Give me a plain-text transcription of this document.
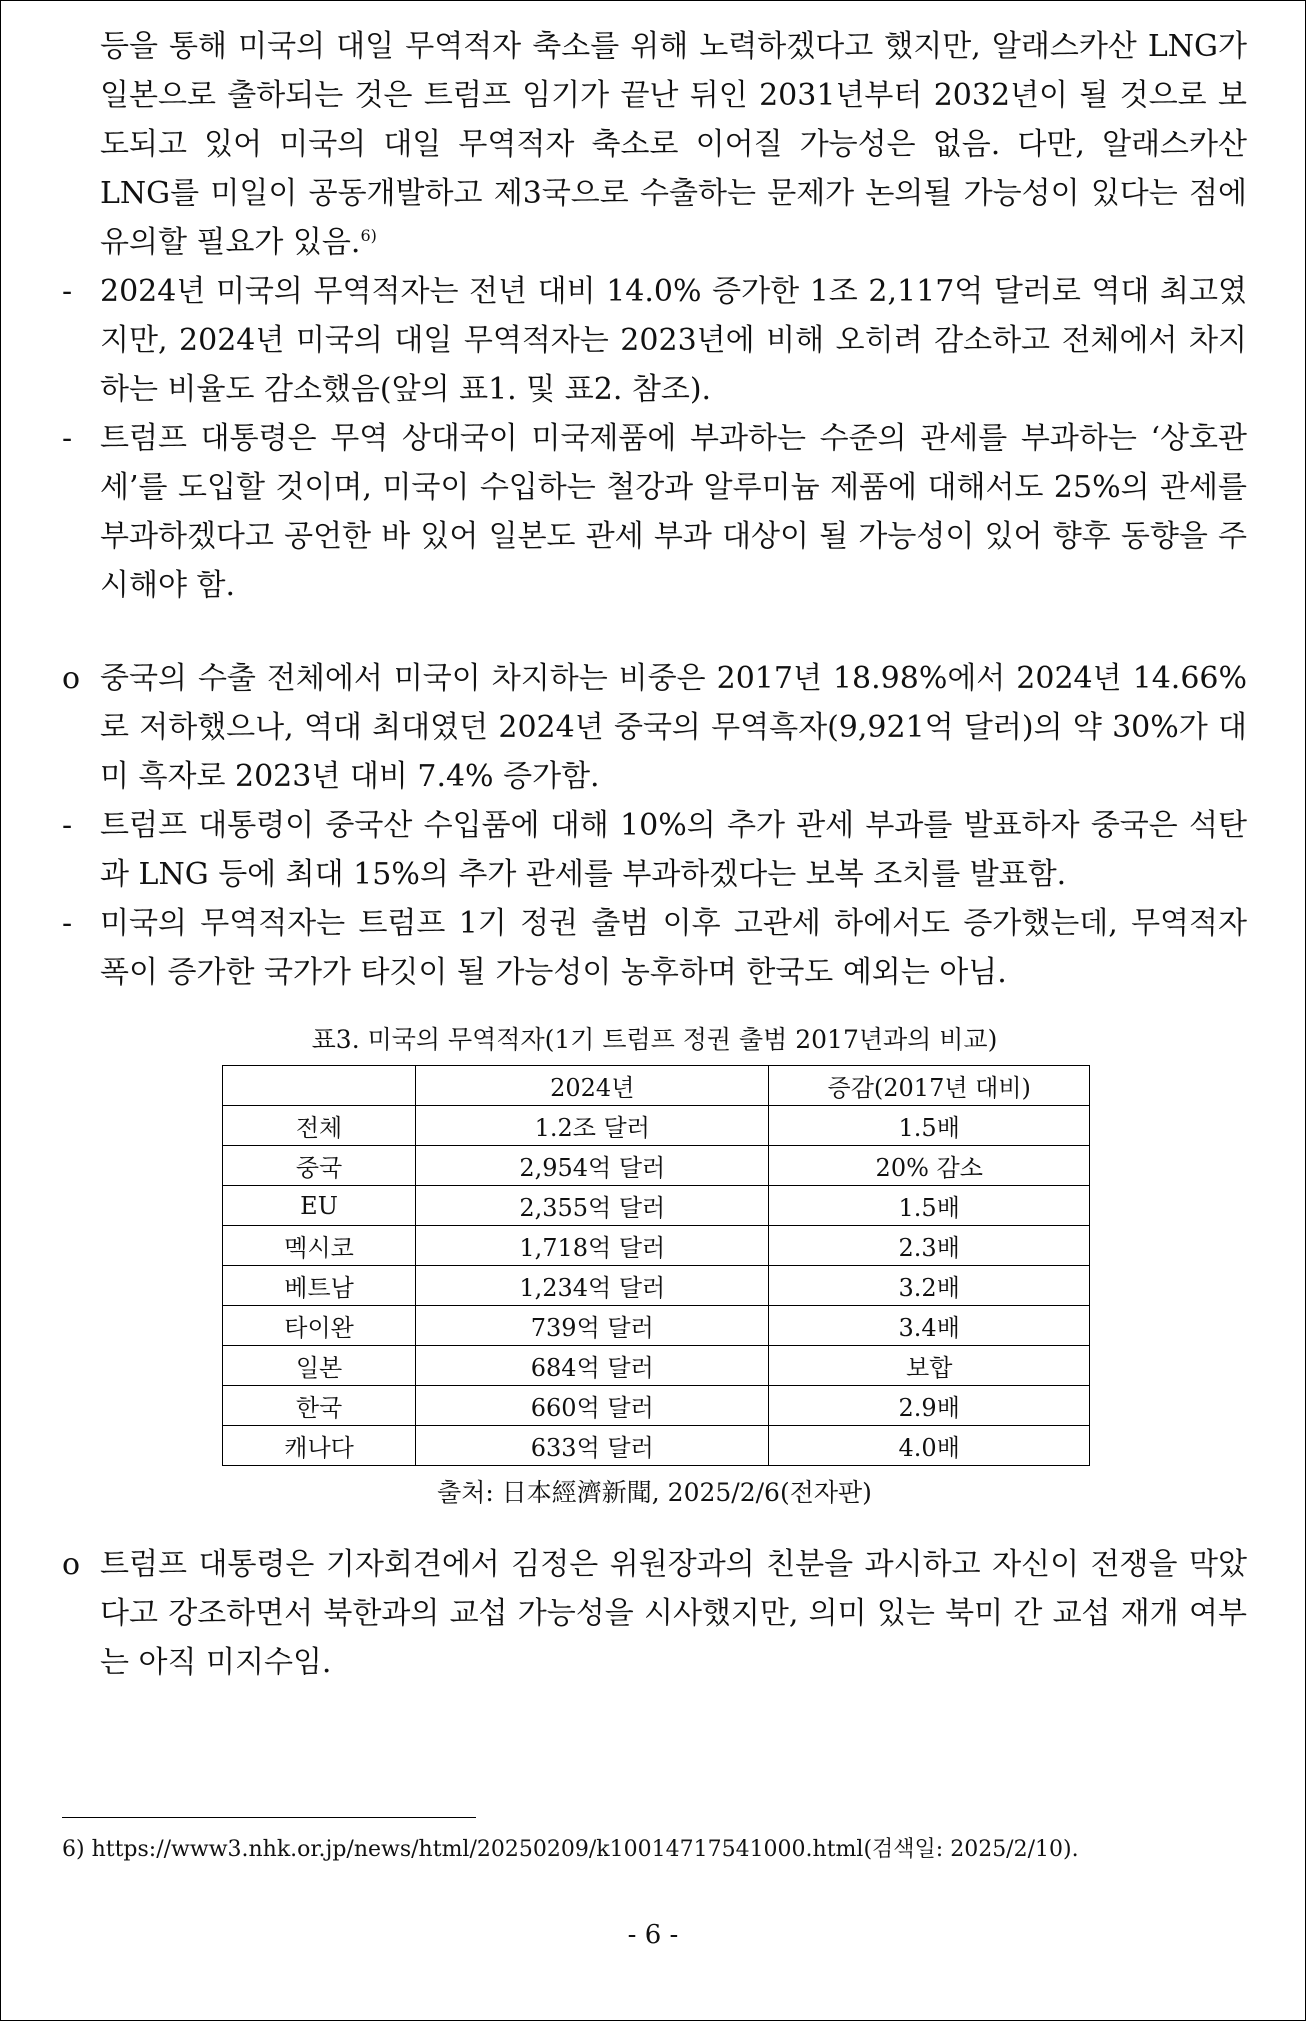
등을 통해 미국의 대일 무역적자 축소를 위해 노력하겠다고 했지만, 알래스카산 LNG가 일본으로 출하되는 것은 트럼프 임기가 끝난 뒤인 2031년부터 2032년이 될 것으로 보도되고 있어 미국의 대일 무역적자 축소로 이어질 가능성은 없음. 다만, 알래스카산 LNG를 미일이 공동개발하고 제3국으로 수출하는 문제가 논의될 가능성이 있다는 점에 유의할 필요가 있음.$^{6)}$

- 2024년 미국의 무역적자는 전년 대비 14.0% 증가한 1조 2,117억 달러로 역대 최고였지만, 2024년 미국의 대일 무역적자는 2023년에 비해 오히려 감소하고 전체에서 차지하는 비율도 감소했음(앞의 표1. 및 표2. 참조).
- 트럼프 대통령은 무역 상대국이 미국제품에 부과하는 수준의 관세를 부과하는 ‘상호관세’를 도입할 것이며, 미국이 수입하는 철강과 알루미늄 제품에 대해서도 25%의 관세를 부과하겠다고 공언한 바 있어 일본도 관세 부과 대상이 될 가능성이 있어 향후 동향을 주시해야 함.
o 중국의 수출 전체에서 미국이 차지하는 비중은 2017년 18.98%에서 2024년 14.66%로 저하했으나, 역대 최대였던 2024년 중국의 무역흑자(9,921억 달러)의 약 30%가 대미 흑자로 2023년 대비 7.4% 증가함.
- 트럼프 대통령이 중국산 수입품에 대해 10%의 추가 관세 부과를 발표하자 중국은 석탄과 LNG 등에 최대 15%의 추가 관세를 부과하겠다는 보복 조치를 발표함.
- 미국의 무역적자는 트럼프 1기 정권 출범 이후 고관세 하에서도 증가했는데, 무역적자 폭이 증가한 국가가 타깃이 될 가능성이 농후하며 한국도 예외는 아님.
표3. 미국의 무역적자(1기 트럼프 정권 출범 2017년과의 비교)
	2024년	증감(2017년 대비)
전체	1.2조 달러	1.5배
중국	2,954억 달러	20% 감소
EU	2,355억 달러	1.5배
멕시코	1,718억 달러	2.3배
베트남	1,234억 달러	3.2배
타이완	739억 달러	3.4배
일본	684억 달러	보합
한국	660억 달러	2.9배
캐나다	633억 달러	4.0배
출처: 日本經濟新聞, 2025/2/6(전자판)
o 트럼프 대통령은 기자회견에서 김정은 위원장과의 친분을 과시하고 자신이 전쟁을 막았다고 강조하면서 북한과의 교섭 가능성을 시사했지만, 의미 있는 북미 간 교섭 재개 여부는 아직 미지수임.
6) https://www3.nhk.or.jp/news/html/20250209/k10014717541000.html(검색일: 2025/2/10).
- 6 -
